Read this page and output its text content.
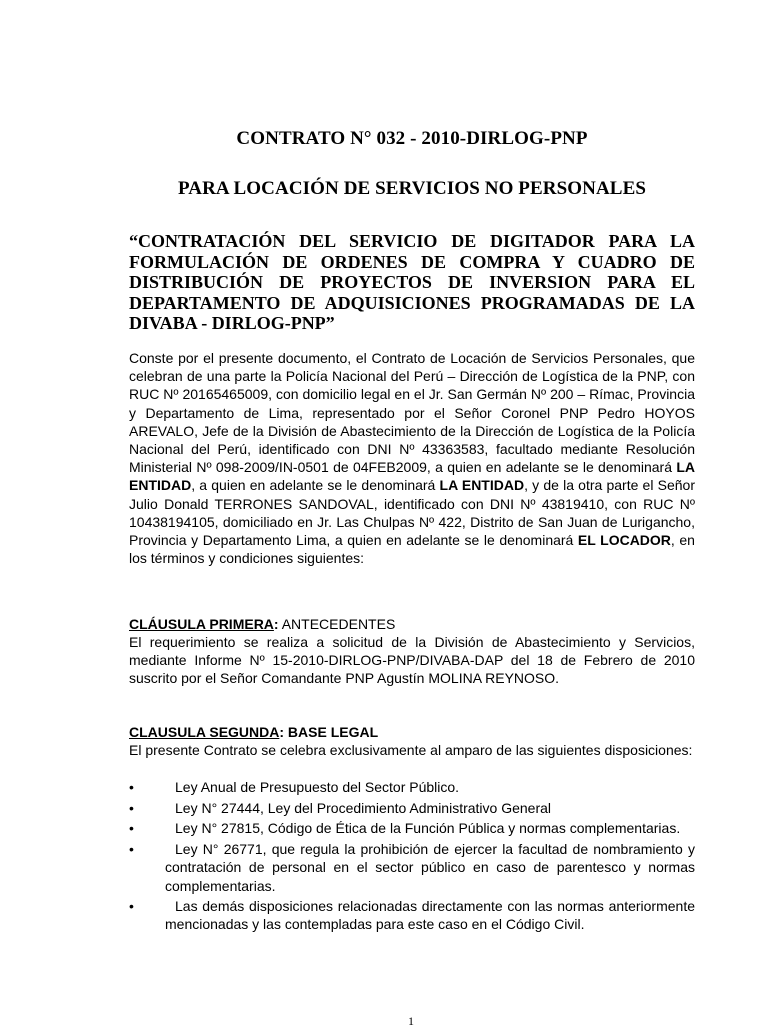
CONTRATO N° 032 - 2010-DIRLOG-PNP
PARA LOCACIÓN DE SERVICIOS NO PERSONALES
“CONTRATACIÓN DEL SERVICIO DE DIGITADOR PARA LA FORMULACIÓN DE ORDENES DE COMPRA Y CUADRO DE DISTRIBUCIÓN DE PROYECTOS DE INVERSION PARA EL DEPARTAMENTO DE ADQUISICIONES PROGRAMADAS DE LA DIVABA - DIRLOG-PNP”
Conste por el presente documento, el Contrato de Locación de Servicios Personales, que celebran de una parte la Policía Nacional del Perú – Dirección de Logística de la PNP, con RUC Nº 20165465009, con domicilio legal en el Jr. San Germán Nº 200 – Rímac, Provincia y Departamento de Lima, representado por el Señor Coronel PNP Pedro HOYOS AREVALO, Jefe de la División de Abastecimiento de la Dirección de Logística de la Policía Nacional del Perú, identificado con DNI Nº 43363583, facultado mediante Resolución Ministerial Nº 098-2009/IN-0501 de 04FEB2009, a quien en adelante se le denominará LA ENTIDAD, a quien en adelante se le denominará LA ENTIDAD, y de la otra parte el Señor Julio Donald TERRONES SANDOVAL, identificado con DNI Nº 43819410, con RUC Nº 10438194105, domiciliado en Jr. Las Chulpas Nº 422, Distrito de San Juan de Lurigancho, Provincia y Departamento Lima, a quien en adelante se le denominará EL LOCADOR, en los términos y condiciones siguientes:
CLÁUSULA PRIMERA: ANTECEDENTES
El requerimiento se realiza a solicitud de la División de Abastecimiento y Servicios, mediante Informe Nº 15-2010-DIRLOG-PNP/DIVABA-DAP del 18 de Febrero de 2010 suscrito por el Señor Comandante PNP Agustín MOLINA REYNOSO.
CLAUSULA SEGUNDA: BASE LEGAL
El presente Contrato se celebra exclusivamente al amparo de las siguientes disposiciones:
•	Ley Anual de Presupuesto del Sector Público.
•	Ley N° 27444, Ley del Procedimiento Administrativo General
•	Ley N° 27815, Código de Ética de la Función Pública y normas complementarias.
•	Ley N° 26771, que regula la prohibición de ejercer la facultad de nombramiento y contratación de personal en el sector público en caso de parentesco y normas complementarias.
•	Las demás disposiciones relacionadas directamente con las normas anteriormente mencionadas y las contempladas para este caso en el Código Civil.
1
